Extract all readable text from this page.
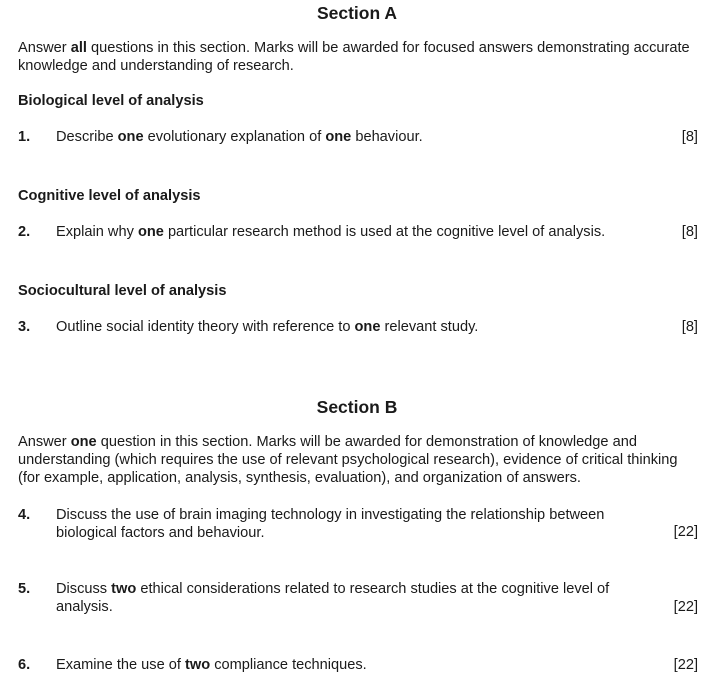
Section A
Answer all questions in this section. Marks will be awarded for focused answers demonstrating accurate knowledge and understanding of research.
Biological level of analysis
1. Describe one evolutionary explanation of one behaviour.	[8]
Cognitive level of analysis
2. Explain why one particular research method is used at the cognitive level of analysis.	[8]
Sociocultural level of analysis
3. Outline social identity theory with reference to one relevant study.	[8]
Section B
Answer one question in this section. Marks will be awarded for demonstration of knowledge and understanding (which requires the use of relevant psychological research), evidence of critical thinking (for example, application, analysis, synthesis, evaluation), and organization of answers.
4. Discuss the use of brain imaging technology in investigating the relationship between biological factors and behaviour.	[22]
5. Discuss two ethical considerations related to research studies at the cognitive level of analysis.	[22]
6. Examine the use of two compliance techniques.	[22]
